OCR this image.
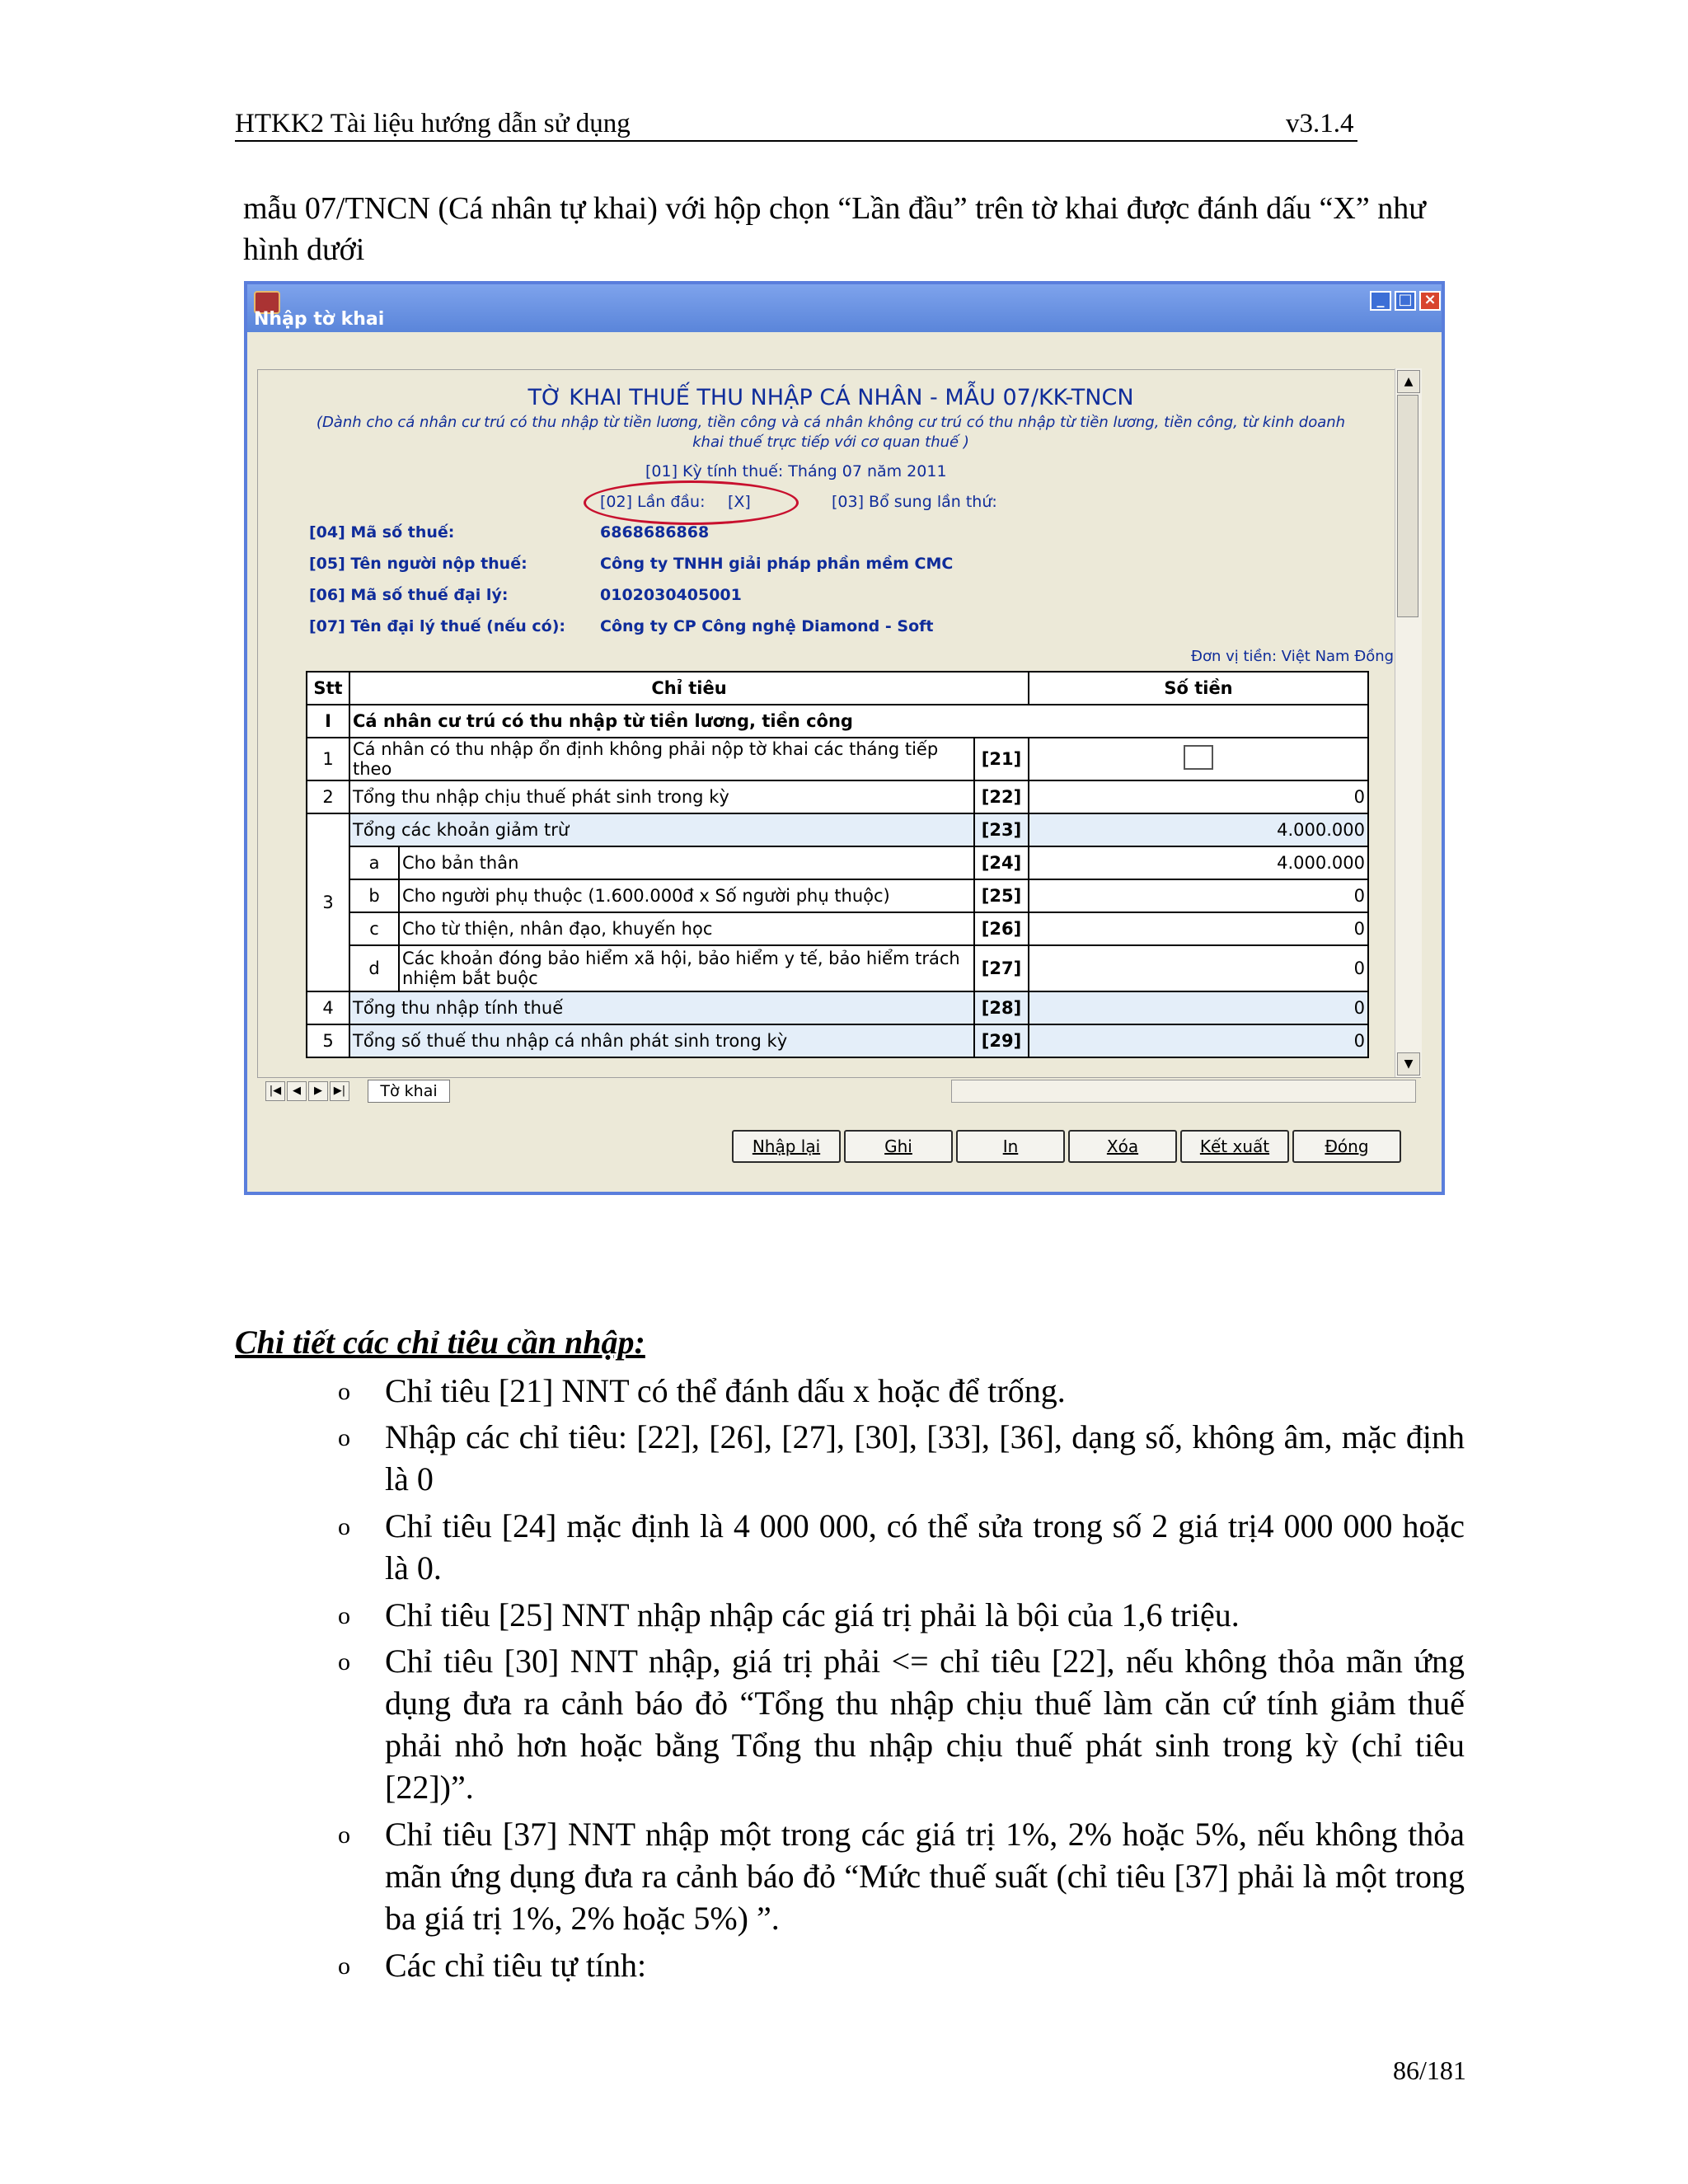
HTKK2 Tài liệu hướng dẫn sử dụng	v3.1.4
mẫu 07/TNCN (Cá nhân tự khai) với hộp chọn “Lần đầu” trên tờ khai được đánh dấu “X” như hình dưới
_ □ ×
Nhập tờ khai
TỜ KHAI THUẾ THU NHẬP CÁ NHÂN - MẪU 07/KK-TNCN
(Dành cho cá nhân cư trú có thu nhập từ tiền lương, tiền công và cá nhân không cư trú có thu nhập từ tiền lương, tiền công, từ kinh doanh khai thuế trực tiếp với cơ quan thuế )
[01] Kỳ tính thuế: Tháng 07 năm 2011
[02] Lần đầu: [X]	[03] Bổ sung lần thứ:
[04] Mã số thuế:	6868686868
[05] Tên người nộp thuế:	Công ty TNHH giải pháp phần mềm CMC
[06] Mã số thuế đại lý:	0102030405001
[07] Tên đại lý thuế (nếu có): Công ty CP Công nghệ Diamond - Soft
Đơn vị tiền: Việt Nam Đồng
Stt	Chỉ tiêu			Số tiền
I	Cá nhân cư trú có thu nhập từ tiền lương, tiền công			
1	Cá nhân có thu nhập ổn định không phải nộp tờ khai các tháng tiếp theo		[21]	
2	Tổng thu nhập chịu thuế phát sinh trong kỳ		[22]	0
3	Tổng các khoản giảm trừ		[23]	4.000.000
	a	Cho bản thân	[24]	4.000.000
	b	Cho người phụ thuộc (1.600.000đ x Số người phụ thuộc)	[25]	0
	c	Cho từ thiện, nhân đạo, khuyến học	[26]	0
	d	Các khoản đóng bảo hiểm xã hội, bảo hiểm y tế, bảo hiểm trách nhiệm bắt buộc	[27]	0
4	Tổng thu nhập tính thuế		[28]	0
5	Tổng số thuế thu nhập cá nhân phát sinh trong kỳ		[29]	0
▲
▼
|◀	◀	▶	▶|	Tờ khai
Nhập lại	Ghi	In	Xóa	Kết xuất	Đóng
Chi tiết các chỉ tiêu cần nhập:
o Chỉ tiêu [21] NNT có thể đánh dấu x hoặc để trống.
o Nhập các chỉ tiêu: [22], [26], [27], [30], [33], [36], dạng số, không âm, mặc định là 0
o Chỉ tiêu [24] mặc định là 4 000 000, có thể sửa trong số 2 giá trị4 000 000 hoặc là 0.
o Chỉ tiêu [25] NNT nhập nhập các giá trị phải là bội của 1,6 triệu.
o Chỉ tiêu [30] NNT nhập, giá trị phải <= chỉ tiêu [22], nếu không thỏa mãn ứng dụng đưa ra cảnh báo đỏ “Tổng thu nhập chịu thuế làm căn cứ tính giảm thuế phải nhỏ hơn hoặc bằng Tổng thu nhập chịu thuế phát sinh trong kỳ (chỉ tiêu [22])”.
o Chỉ tiêu [37] NNT nhập một trong các giá trị 1%, 2% hoặc 5%, nếu không thỏa mãn ứng dụng đưa ra cảnh báo đỏ “Mức thuế suất (chỉ tiêu [37] phải là một trong ba giá trị 1%, 2% hoặc 5%) ”.
o Các chỉ tiêu tự tính:
86/181
